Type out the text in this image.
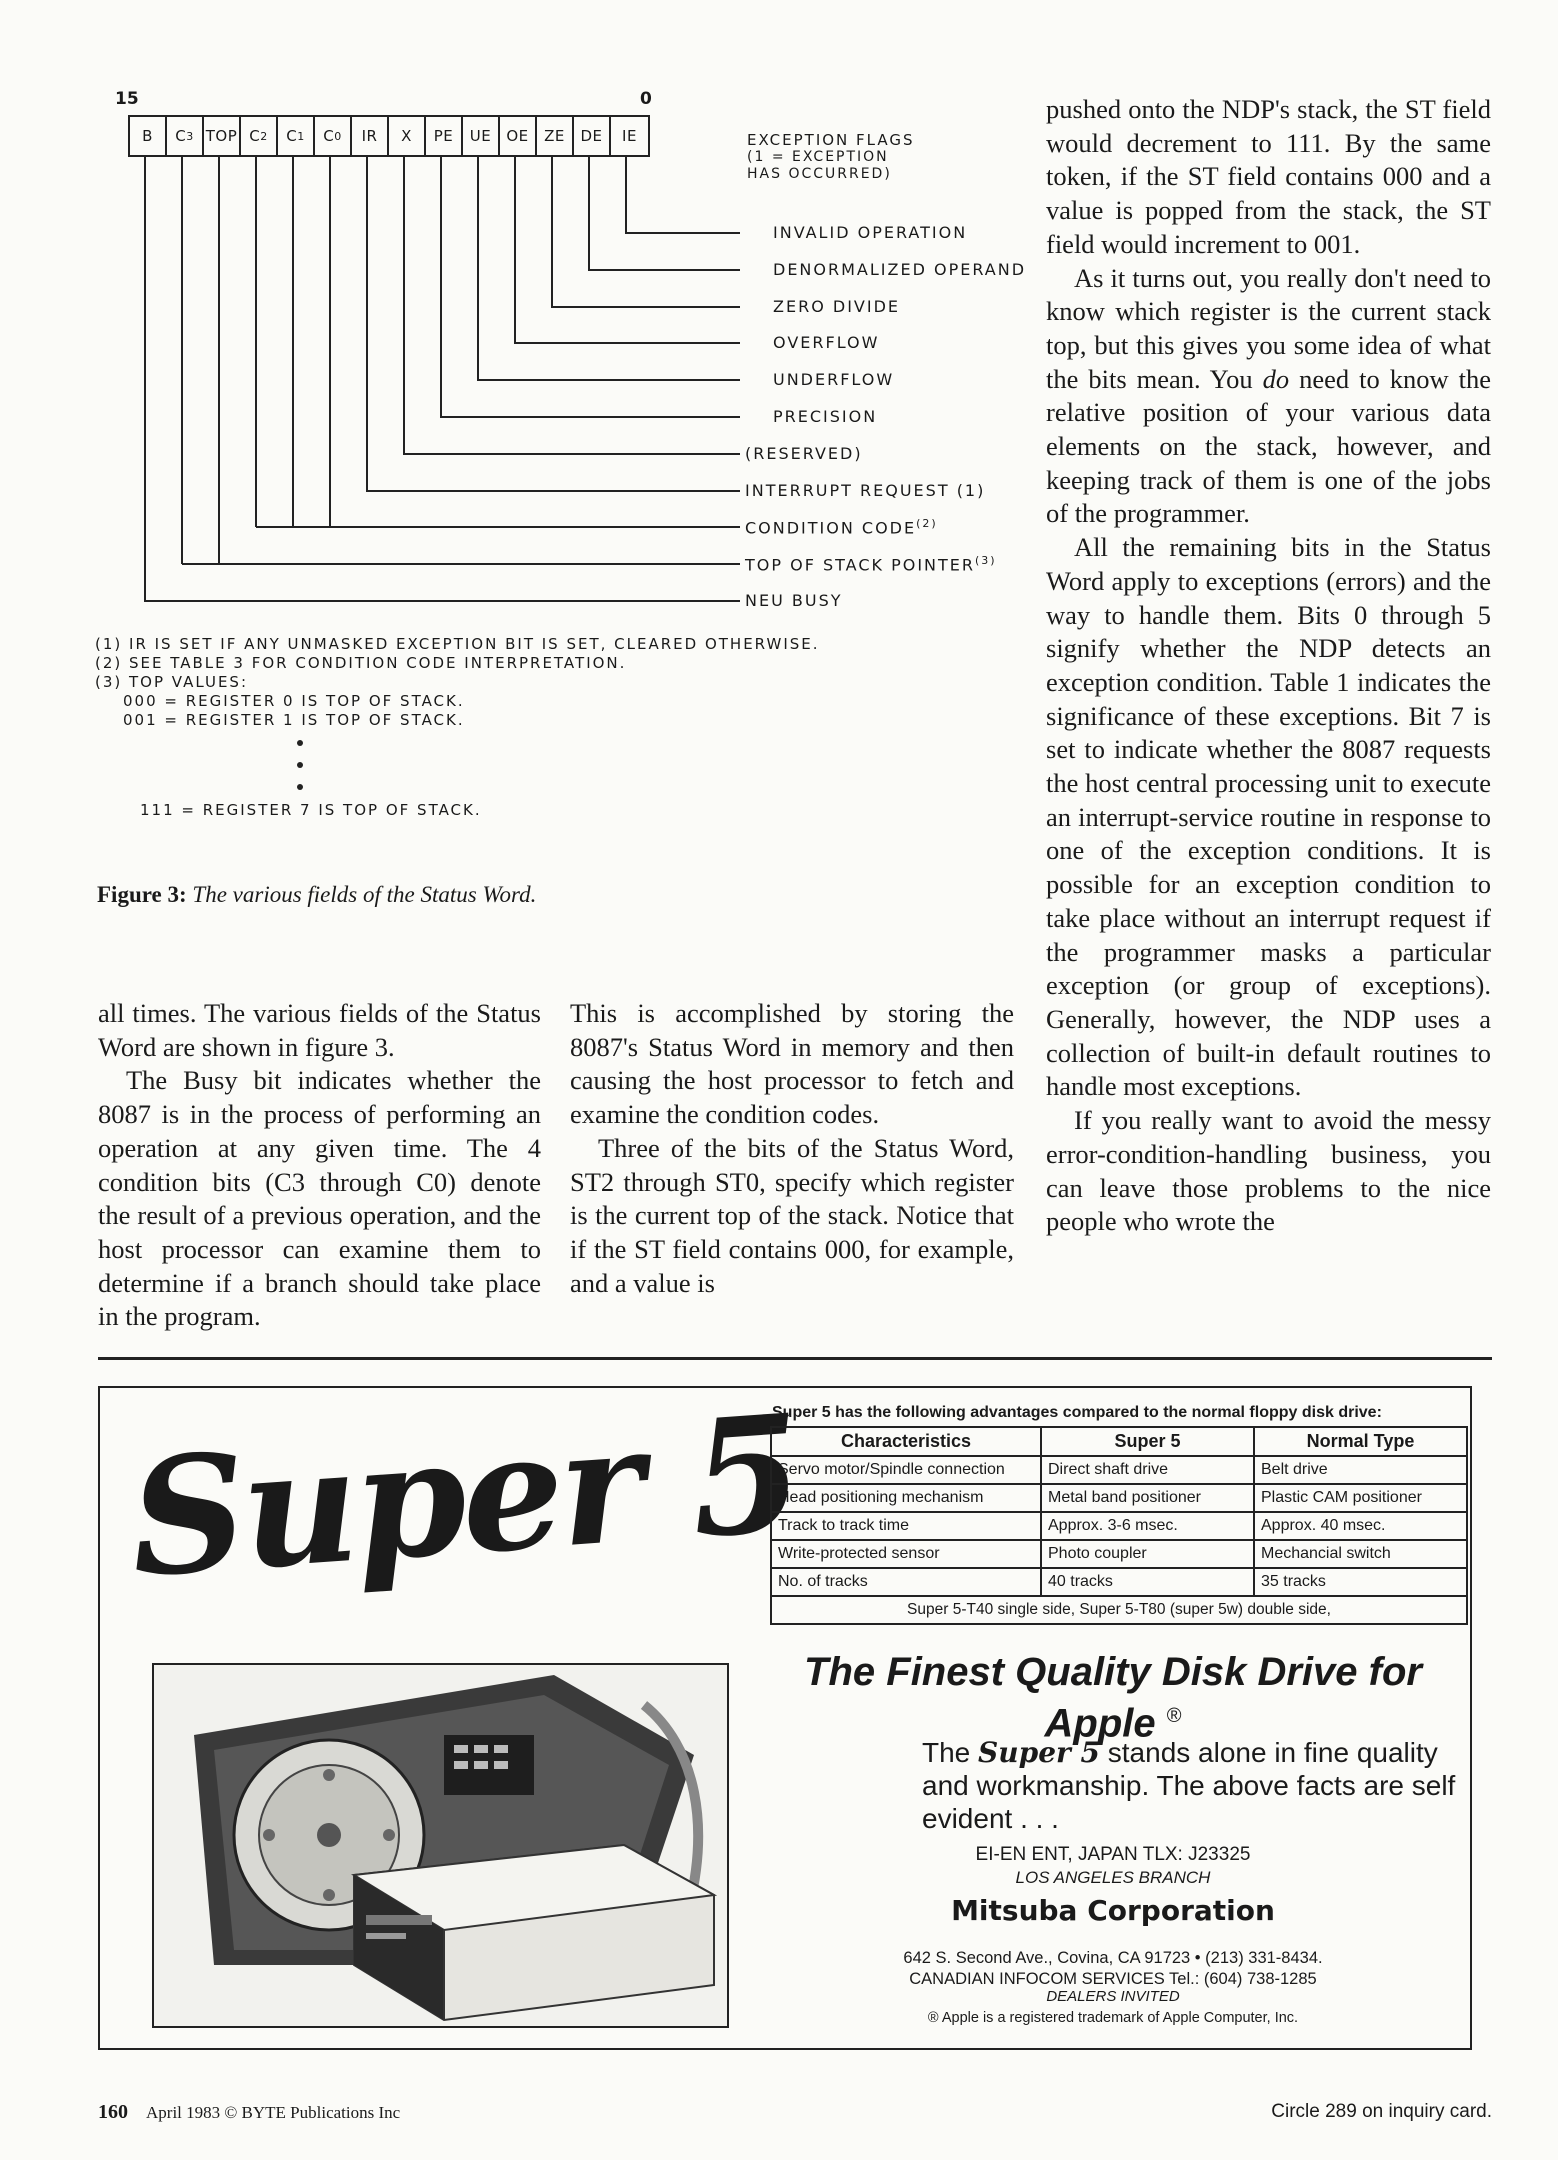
15	0
B C 3 TOP C 2 C 1 C 0 IR X PE UE OE ZE DE IE	EXCEPTION FLAGS
(1 = EXCEPTION
HAS OCCURRED)
INVALID OPERATION
DENORMALIZED OPERAND
ZERO DIVIDE
OVERFLOW
UNDERFLOW
PRECISION
(RESERVED)
INTERRUPT REQUEST (1)
CONDITION CODE$^{(2)}$
TOP OF STACK POINTER$^{(3)}$
NEU BUSY
(1) IR IS SET IF ANY UNMASKED EXCEPTION BIT IS SET, CLEARED OTHERWISE.
(2) SEE TABLE 3 FOR CONDITION CODE INTERPRETATION.
(3) TOP VALUES:
000 = REGISTER 0 IS TOP OF STACK.
001 = REGISTER 1 IS TOP OF STACK.
111 = REGISTER 7 IS TOP OF STACK.
Figure 3: The various fields of the Status Word.

all times. The various fields of the Status Word are shown in figure 3.

The Busy bit indicates whether the 8087 is in the process of performing an operation at any given time. The 4 condition bits (C3 through C0) denote the result of a previous operation, and the host processor can examine them to determine if a branch should take place in the program.

This is accomplished by storing the 8087's Status Word in memory and then causing the host processor to fetch and examine the condition codes.

Three of the bits of the Status Word, ST2 through ST0, specify which register is the current top of the stack. Notice that if the ST field contains 000, for example, and a value is

pushed onto the NDP's stack, the ST field would decrement to 111. By the same token, if the ST field contains 000 and a value is popped from the stack, the ST field would increment to 001.

As it turns out, you really don't need to know which register is the current stack top, but this gives you some idea of what the bits mean. You do need to know the relative position of your various data elements on the stack, however, and keeping track of them is one of the jobs of the programmer.

All the remaining bits in the Status Word apply to exceptions (errors) and the way to handle them. Bits 0 through 5 signify whether the NDP detects an exception condition. Table 1 indicates the significance of these exceptions. Bit 7 is set to indicate whether the 8087 requests the host central processing unit to execute an interrupt-service routine in response to one of the exception conditions. It is possible for an exception condition to take place without an interrupt request if the programmer masks a particular exception (or group of exceptions). Generally, however, the NDP uses a collection of built-in default routines to handle most exceptions.

If you really want to avoid the messy error-condition-handling business, you can leave those problems to the nice people who wrote the

Super 5
Super 5 has the following advantages compared to the normal floppy disk drive:
Characteristics	Super 5	Normal Type
Servo motor/Spindle connection	Direct shaft drive	Belt drive
Head positioning mechanism	Metal band positioner	Plastic CAM positioner
Track to track time	Approx. 3-6 msec.	Approx. 40 msec.
Write-protected sensor	Photo coupler	Mechancial switch
No. of tracks	40 tracks	35 tracks
Super 5-T40 single side, Super 5-T80 (super 5w) double side,		
The Finest Quality Disk Drive for Apple ®
The Super 5 stands alone in fine quality and workmanship. The above facts are self evident . . .
EI-EN ENT, JAPAN TLX: J23325
LOS ANGELES BRANCH
Mitsuba Corporation
642 S. Second Ave., Covina, CA 91723 • (213) 331-8434.
CANADIAN INFOCOM SERVICES Tel.: (604) 738-1285
DEALERS INVITED
® Apple is a registered trademark of Apple Computer, Inc.
160 April 1983 © BYTE Publications Inc	Circle 289 on inquiry card.
